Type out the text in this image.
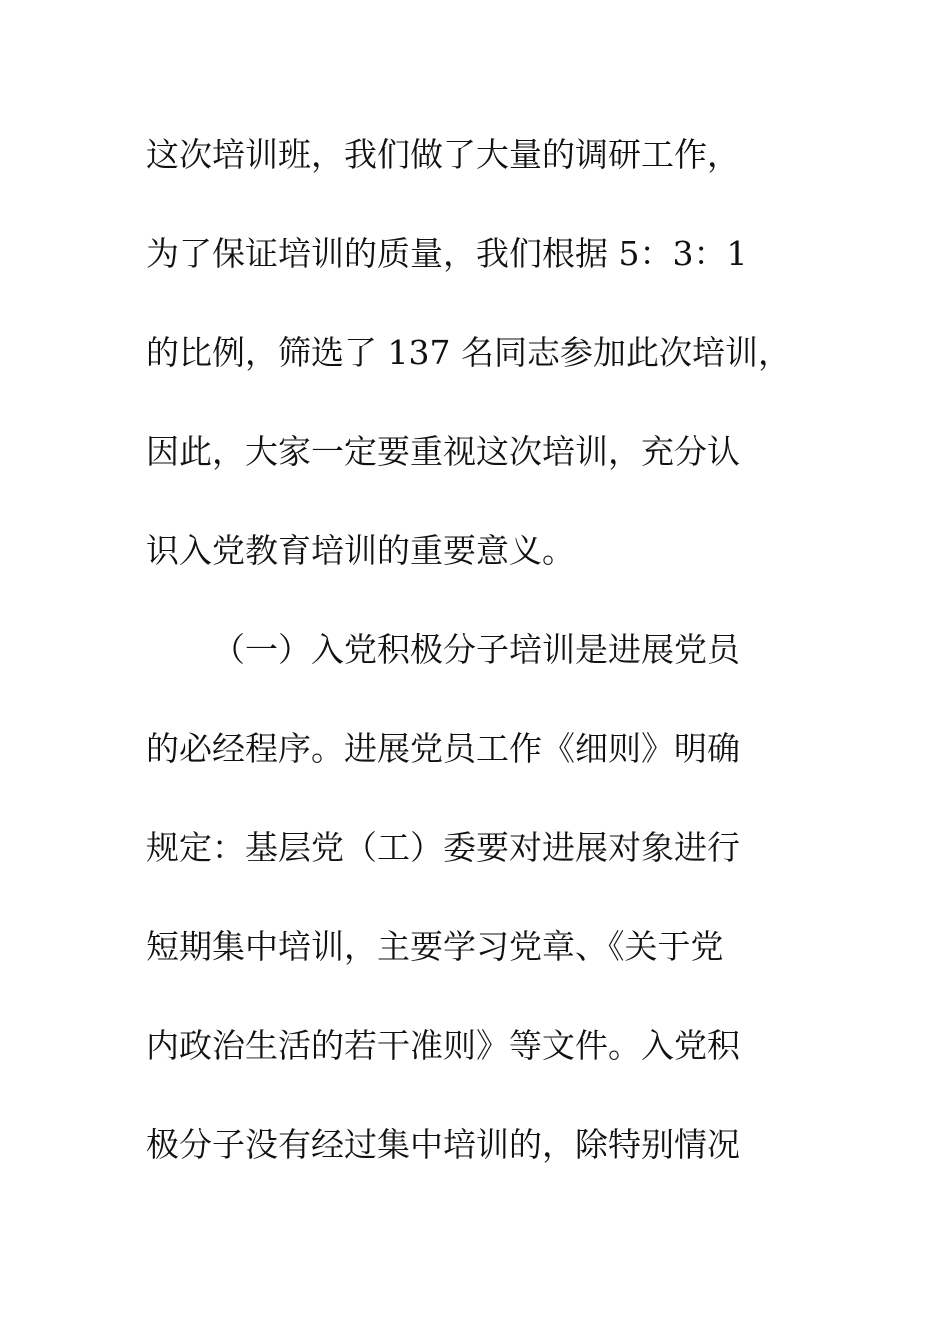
这次培训班，我们做了大量的调研工作，
为了保证培训的质量，我们根据 5：3：1
的比例，筛选了 137 名同志参加此次培训，
因此，大家一定要重视这次培训，充分认
识入党教育培训的重要意义。
（一）入党积极分子培训是进展党员
的必经程序。进展党员工作《细则》明确
规定：基层党（工）委要对进展对象进行
短期集中培训，主要学习党章、《关于党
内政治生活的若干准则》等文件。入党积
极分子没有经过集中培训的，除特别情况
